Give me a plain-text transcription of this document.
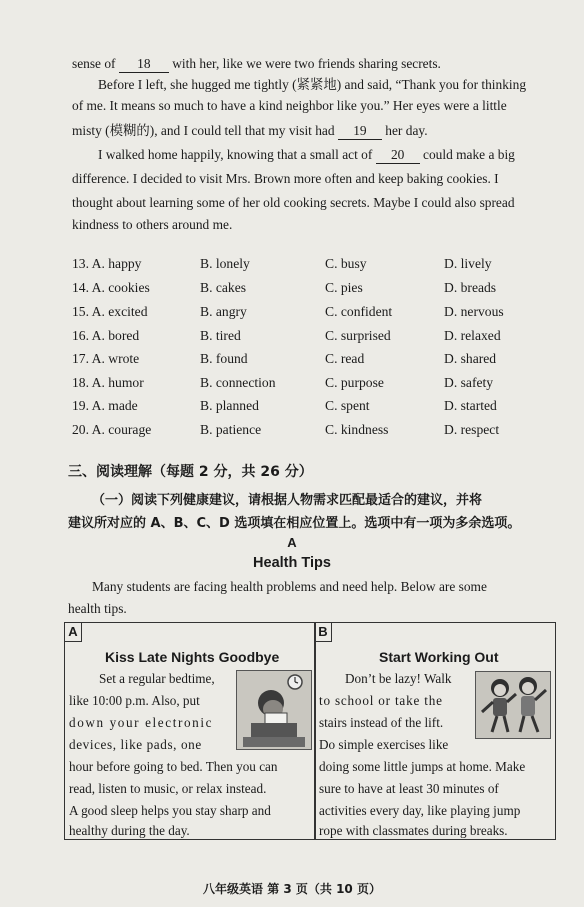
sense of 18 with her, like we were two friends sharing secrets.
Before I left, she hugged me tightly (紧紧地) and said, “Thank you for thinking
of me. It means so much to have a kind neighbor like you.” Her eyes were a little
misty (模糊的), and I could tell that my visit had 19 her day.
I walked home happily, knowing that a small act of 20 could make a big
difference. I decided to visit Mrs. Brown more often and keep baking cookies. I
thought about learning some of her old cooking secrets. Maybe I could also spread
kindness to others around me.
13. A. happy	B. lonely	C. busy	D. lively
14. A. cookies	B. cakes	C. pies	D. breads
15. A. excited	B. angry	C. confident	D. nervous
16. A. bored	B. tired	C. surprised	D. relaxed
17. A. wrote	B. found	C. read	D. shared
18. A. humor	B. connection	C. purpose	D. safety
19. A. made	B. planned	C. spent	D. started
20. A. courage	B. patience	C. kindness	D. respect
三、阅读理解（每题 2 分，共 26 分）
（一）阅读下列健康建议，请根据人物需求匹配最适合的建议，并将
建议所对应的 A、B、C、D 选项填在相应位置上。选项中有一项为多余选项。
A
Health Tips
Many students are facing health problems and need help. Below are some
health tips.
A
Kiss Late Nights Goodbye
Set a regular bedtime,
like 10:00 p.m. Also, put
down your electronic
devices, like pads, one
hour before going to bed. Then you can
read, listen to music, or relax instead.
A good sleep helps you stay sharp and
healthy during the day.
B
Start Working Out
Don’t be lazy! Walk
to school or take the
stairs instead of the lift.
Do simple exercises like
doing some little jumps at home. Make
sure to have at least 30 minutes of
activities every day, like playing jump
rope with classmates during breaks.
八年级英语 第 3 页（共 10 页）
